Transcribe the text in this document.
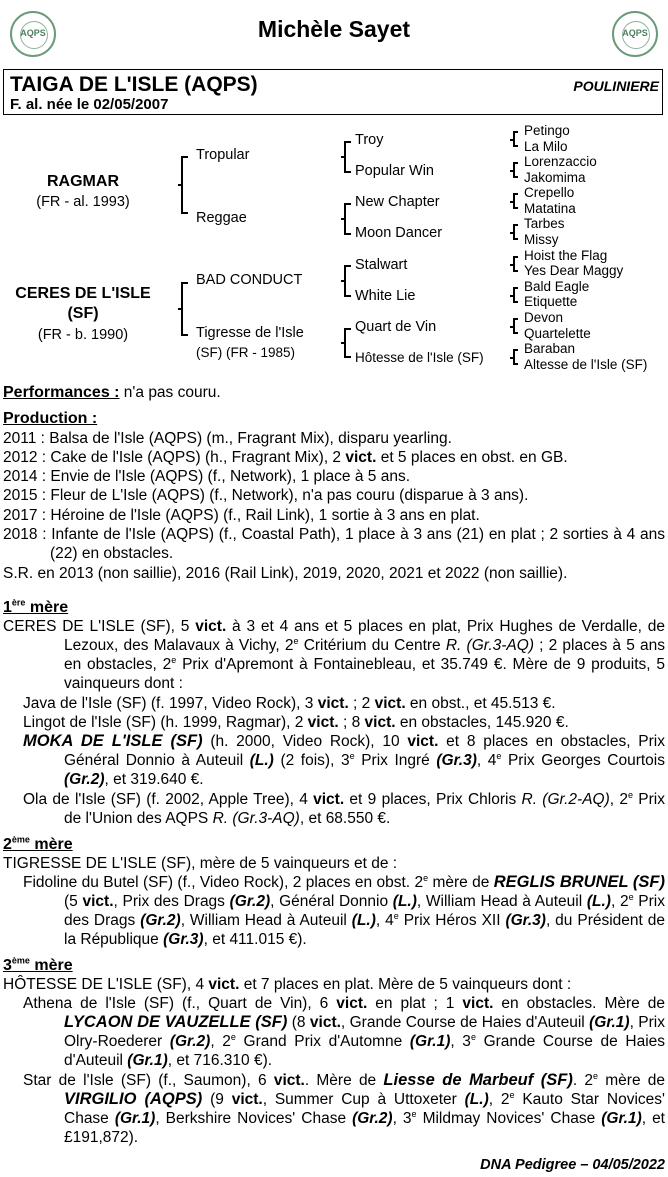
AQPS	Michèle Sayet	AQPS
TAIGA DE L'ISLE (AQPS)
F. al. née le 02/05/2007
POULINIERE
RAGMAR
(FR - al. 1993)
CERES DE L'ISLE
(SF)
(FR - b. 1990)
Tropular
Reggae
BAD CONDUCT
Tigresse de l'Isle
(SF) (FR - 1985)
Troy
Popular Win
New Chapter
Moon Dancer
Stalwart
White Lie
Quart de Vin
Hôtesse de l'Isle (SF)
Petingo
La Milo
Lorenzaccio
Jakomima
Crepello
Matatina
Tarbes
Missy
Hoist the Flag
Yes Dear Maggy
Bald Eagle
Etiquette
Devon
Quartelette
Baraban
Altesse de l'Isle (SF)
Performances : n'a pas couru.
Production :
2011 : Balsa de l'Isle (AQPS) (m., Fragrant Mix), disparu yearling.
2012 : Cake de l'Isle (AQPS) (h., Fragrant Mix), 2 vict. et 5 places en obst. en GB.
2014 : Envie de l'Isle (AQPS) (f., Network), 1 place à 5 ans.
2015 : Fleur de L'Isle (AQPS) (f., Network), n'a pas couru (disparue à 3 ans).
2017 : Héroine de l'Isle (AQPS) (f., Rail Link), 1 sortie à 3 ans en plat.
2018 : Infante de l'Isle (AQPS) (f., Coastal Path), 1 place à 3 ans (21) en plat ; 2 sorties à 4 ans (22) en obstacles.
S.R. en 2013 (non saillie), 2016 (Rail Link), 2019, 2020, 2021 et 2022 (non saillie).
1ère mère
CERES DE L'ISLE (SF), 5 vict. à 3 et 4 ans et 5 places en plat, Prix Hughes de Verdalle, de Lezoux, des Malavaux à Vichy, 2e Critérium du Centre R. (Gr.3-AQ) ; 2 places à 5 ans en obstacles, 2e Prix d'Apremont à Fontainebleau, et 35.749 €. Mère de 9 produits, 5 vainqueurs dont :
Java de l'Isle (SF) (f. 1997, Video Rock), 3 vict. ; 2 vict. en obst., et 45.513 €.
Lingot de l'Isle (SF) (h. 1999, Ragmar), 2 vict. ; 8 vict. en obstacles, 145.920 €.
MOKA DE L'ISLE (SF) (h. 2000, Video Rock), 10 vict. et 8 places en obstacles, Prix Général Donnio à Auteuil (L.) (2 fois), 3e Prix Ingré (Gr.3), 4e Prix Georges Courtois (Gr.2), et 319.640 €.
Ola de l'Isle (SF) (f. 2002, Apple Tree), 4 vict. et 9 places, Prix Chloris R. (Gr.2-AQ), 2e Prix de l'Union des AQPS R. (Gr.3-AQ), et 68.550 €.
2ème mère
TIGRESSE DE L'ISLE (SF), mère de 5 vainqueurs et de :
Fidoline du Butel (SF) (f., Video Rock), 2 places en obst. 2e mère de REGLIS BRUNEL (SF) (5 vict., Prix des Drags (Gr.2), Général Donnio (L.), William Head à Auteuil (L.), 2e Prix des Drags (Gr.2), William Head à Auteuil (L.), 4e Prix Héros XII (Gr.3), du Président de la République (Gr.3), et 411.015 €).
3ème mère
HÔTESSE DE L'ISLE (SF), 4 vict. et 7 places en plat. Mère de 5 vainqueurs dont :
Athena de l'Isle (SF) (f., Quart de Vin), 6 vict. en plat ; 1 vict. en obstacles. Mère de LYCAON DE VAUZELLE (SF) (8 vict., Grande Course de Haies d'Auteuil (Gr.1), Prix Olry-Roederer (Gr.2), 2e Grand Prix d'Automne (Gr.1), 3e Grande Course de Haies d'Auteuil (Gr.1), et 716.310 €).
Star de l'Isle (SF) (f., Saumon), 6 vict.. Mère de Liesse de Marbeuf (SF). 2e mère de VIRGILIO (AQPS) (9 vict., Summer Cup à Uttoxeter (L.), 2e Kauto Star Novices' Chase (Gr.1), Berkshire Novices' Chase (Gr.2), 3e Mildmay Novices' Chase (Gr.1), et £191,872).
DNA Pedigree – 04/05/2022
